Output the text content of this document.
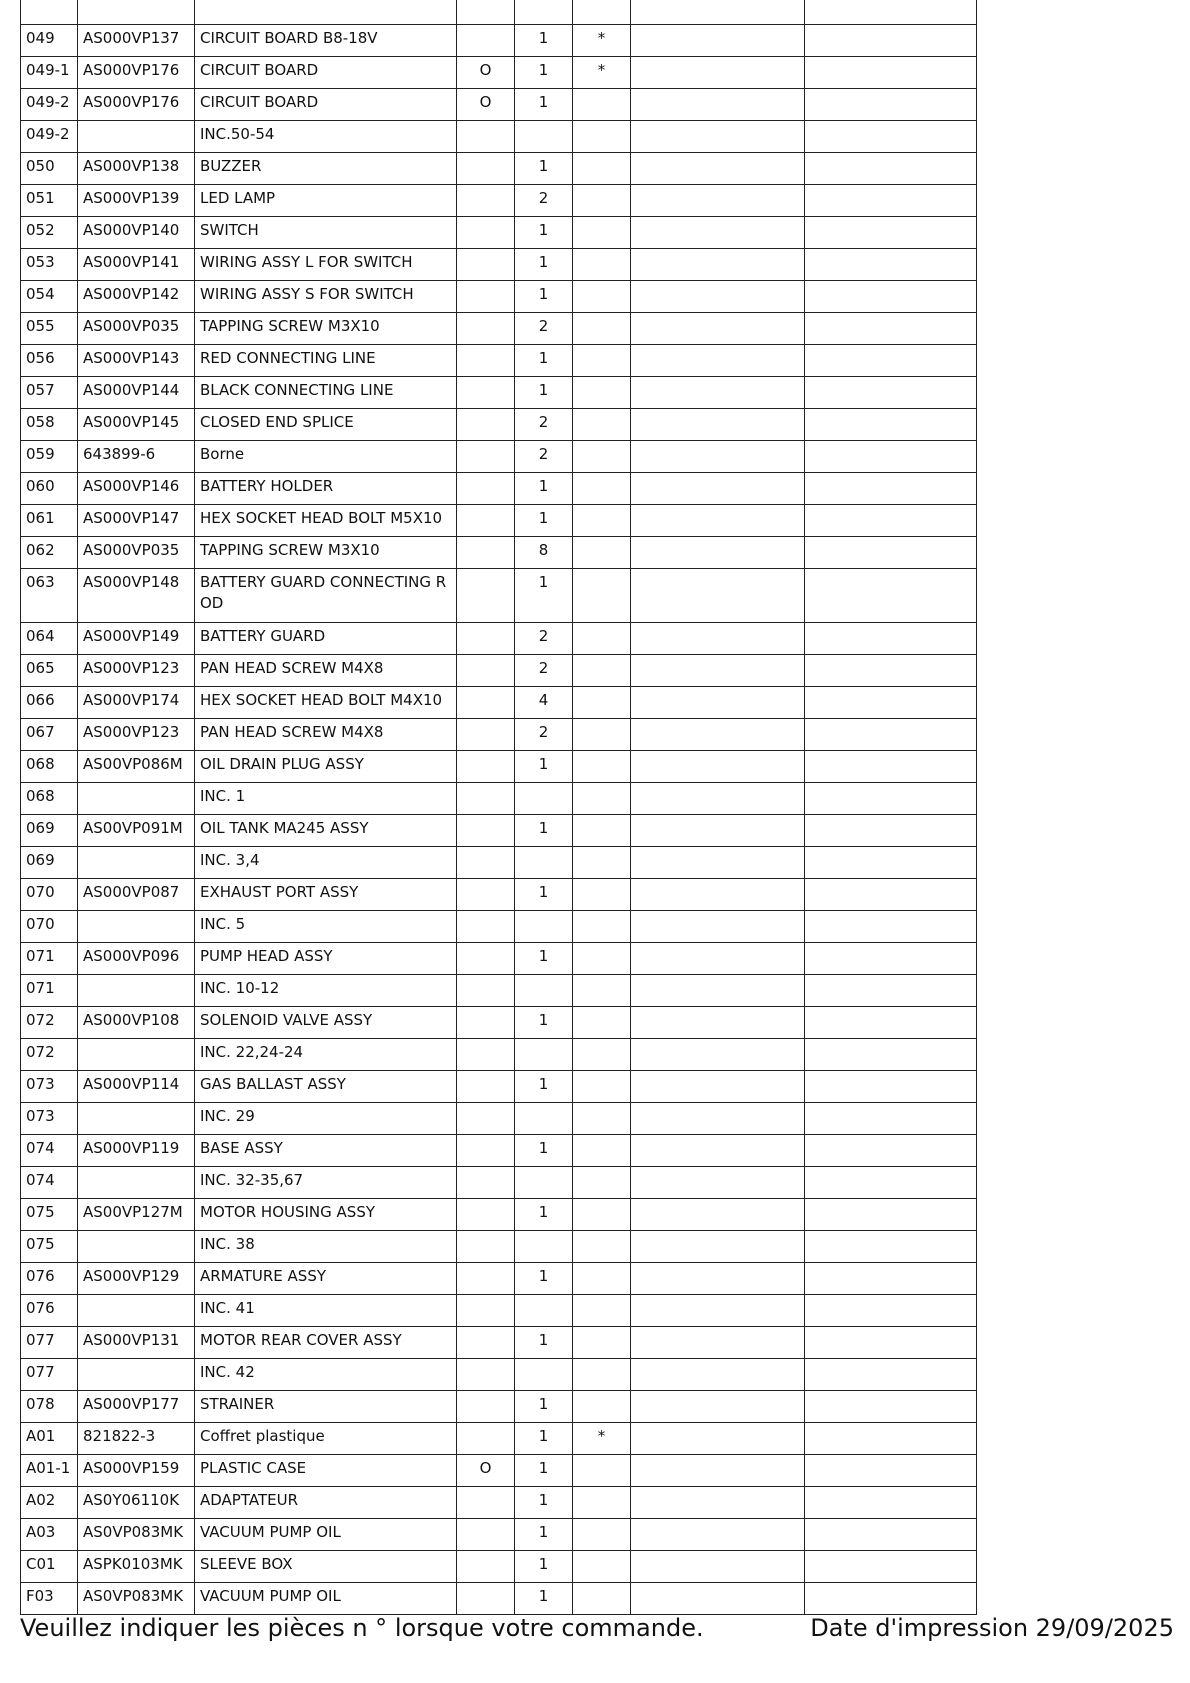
049	AS000VP137	CIRCUIT BOARD B8-18V		1	*		
049-1	AS000VP176	CIRCUIT BOARD	O	1	*		
049-2	AS000VP176	CIRCUIT BOARD	O	1			
049-2		INC.50-54					
050	AS000VP138	BUZZER		1			
051	AS000VP139	LED LAMP		2			
052	AS000VP140	SWITCH		1			
053	AS000VP141	WIRING ASSY L FOR SWITCH		1			
054	AS000VP142	WIRING ASSY S FOR SWITCH		1			
055	AS000VP035	TAPPING SCREW M3X10		2			
056	AS000VP143	RED CONNECTING LINE		1			
057	AS000VP144	BLACK CONNECTING LINE		1			
058	AS000VP145	CLOSED END SPLICE		2			
059	643899-6	Borne		2			
060	AS000VP146	BATTERY HOLDER		1			
061	AS000VP147	HEX SOCKET HEAD BOLT M5X10		1			
062	AS000VP035	TAPPING SCREW M3X10		8			
063	AS000VP148	BATTERY GUARD CONNECTING ROD		1			
064	AS000VP149	BATTERY GUARD		2			
065	AS000VP123	PAN HEAD SCREW M4X8		2			
066	AS000VP174	HEX SOCKET HEAD BOLT M4X10		4			
067	AS000VP123	PAN HEAD SCREW M4X8		2			
068	AS00VP086M	OIL DRAIN PLUG ASSY		1			
068		INC. 1					
069	AS00VP091M	OIL TANK MA245 ASSY		1			
069		INC. 3,4					
070	AS000VP087	EXHAUST PORT ASSY		1			
070		INC. 5					
071	AS000VP096	PUMP HEAD ASSY		1			
071		INC. 10-12					
072	AS000VP108	SOLENOID VALVE ASSY		1			
072		INC. 22,24-24					
073	AS000VP114	GAS BALLAST ASSY		1			
073		INC. 29					
074	AS000VP119	BASE ASSY		1			
074		INC. 32-35,67					
075	AS00VP127M	MOTOR HOUSING ASSY		1			
075		INC. 38					
076	AS000VP129	ARMATURE ASSY		1			
076		INC. 41					
077	AS000VP131	MOTOR REAR COVER ASSY		1			
077		INC. 42					
078	AS000VP177	STRAINER		1			
A01	821822-3	Coffret plastique		1	*		
A01-1	AS000VP159	PLASTIC CASE	O	1			
A02	AS0Y06110K	ADAPTATEUR		1			
A03	AS0VP083MK	VACUUM PUMP OIL		1			
C01	ASPK0103MK	SLEEVE BOX		1			
F03	AS0VP083MK	VACUUM PUMP OIL		1			
Veuillez indiquer les pièces n ° lorsque votre commande.	Date d'impression 29/09/2025
